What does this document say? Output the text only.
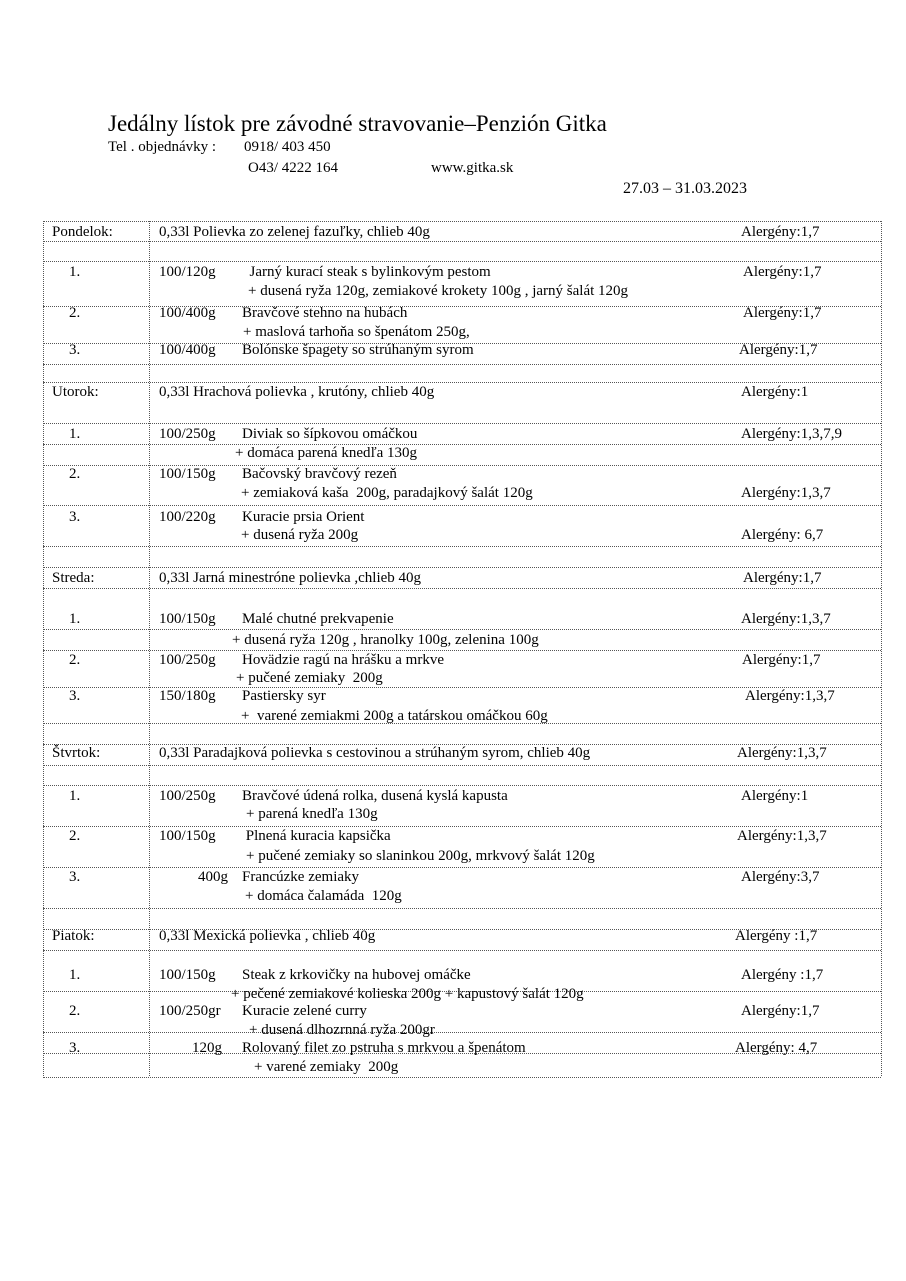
Jedálny lístok pre závodné stravovanie–Penzión Gitka
Tel . objednávky : 0918/ 403 450
O43/ 4222 164	www.gitka.sk
27.03 – 31.03.2023
Pondelok:	0,33l Polievka zo zelenej fazuľky, chlieb 40g	Alergény:1,7
1.	100/120g Jarný kurací steak s bylinkovým pestom	Alergény:1,7
+ dusená ryža 120g, zemiakové krokety 100g , jarný šalát 120g
2.	100/400g Bravčové stehno na hubách	Alergény:1,7
+ maslová tarhoňa so špenátom 250g,
3.	100/400g Bolónske špagety so strúhaným syrom	Alergény:1,7
Utorok:	0,33l Hrachová polievka , krutóny, chlieb 40g	Alergény:1
1.	100/250g Diviak so šípkovou omáčkou	Alergény:1,3,7,9
+ domáca parená knedľa 130g
2.	100/150g Bačovský bravčový rezeň
+ zemiaková kaša  200g, paradajkový šalát 120g	Alergény:1,3,7
3.	100/220g Kuracie prsia Orient
+ dusená ryža 200g	Alergény: 6,7
Streda:	0,33l Jarná minestróne polievka ,chlieb 40g	Alergény:1,7
1.	100/150g Malé chutné prekvapenie	Alergény:1,3,7
+ dusená ryža 120g , hranolky 100g, zelenina 100g
2.	100/250g Hovädzie ragú na hrášku a mrkve	Alergény:1,7
+ pučené zemiaky  200g
3.	150/180g Pastiersky syr	Alergény:1,3,7
+  varené zemiakmi 200g a tatárskou omáčkou 60g
Štvrtok:	0,33l Paradajková polievka s cestovinou a strúhaným syrom, chlieb 40g	Alergény:1,3,7
1.	100/250g Bravčové údená rolka, dusená kyslá kapusta	Alergény:1
+ parená knedľa 130g
2.	100/150g Plnená kuracia kapsička	Alergény:1,3,7
+ pučené zemiaky so slaninkou 200g, mrkvový šalát 120g
3.	400g Francúzke zemiaky	Alergény:3,7
+ domáca čalamáda  120g
Piatok:	0,33l Mexická polievka , chlieb 40g	Alergény :1,7
1.	100/150g Steak z krkovičky na hubovej omáčke	Alergény :1,7
+ pečené zemiakové kolieska 200g + kapustový šalát 120g
2.	100/250gr Kuracie zelené curry	Alergény:1,7
+ dusená dlhozrnná ryža 200gr
3.	120g Rolovaný filet zo pstruha s mrkvou a špenátom	Alergény: 4,7
+ varené zemiaky  200g
